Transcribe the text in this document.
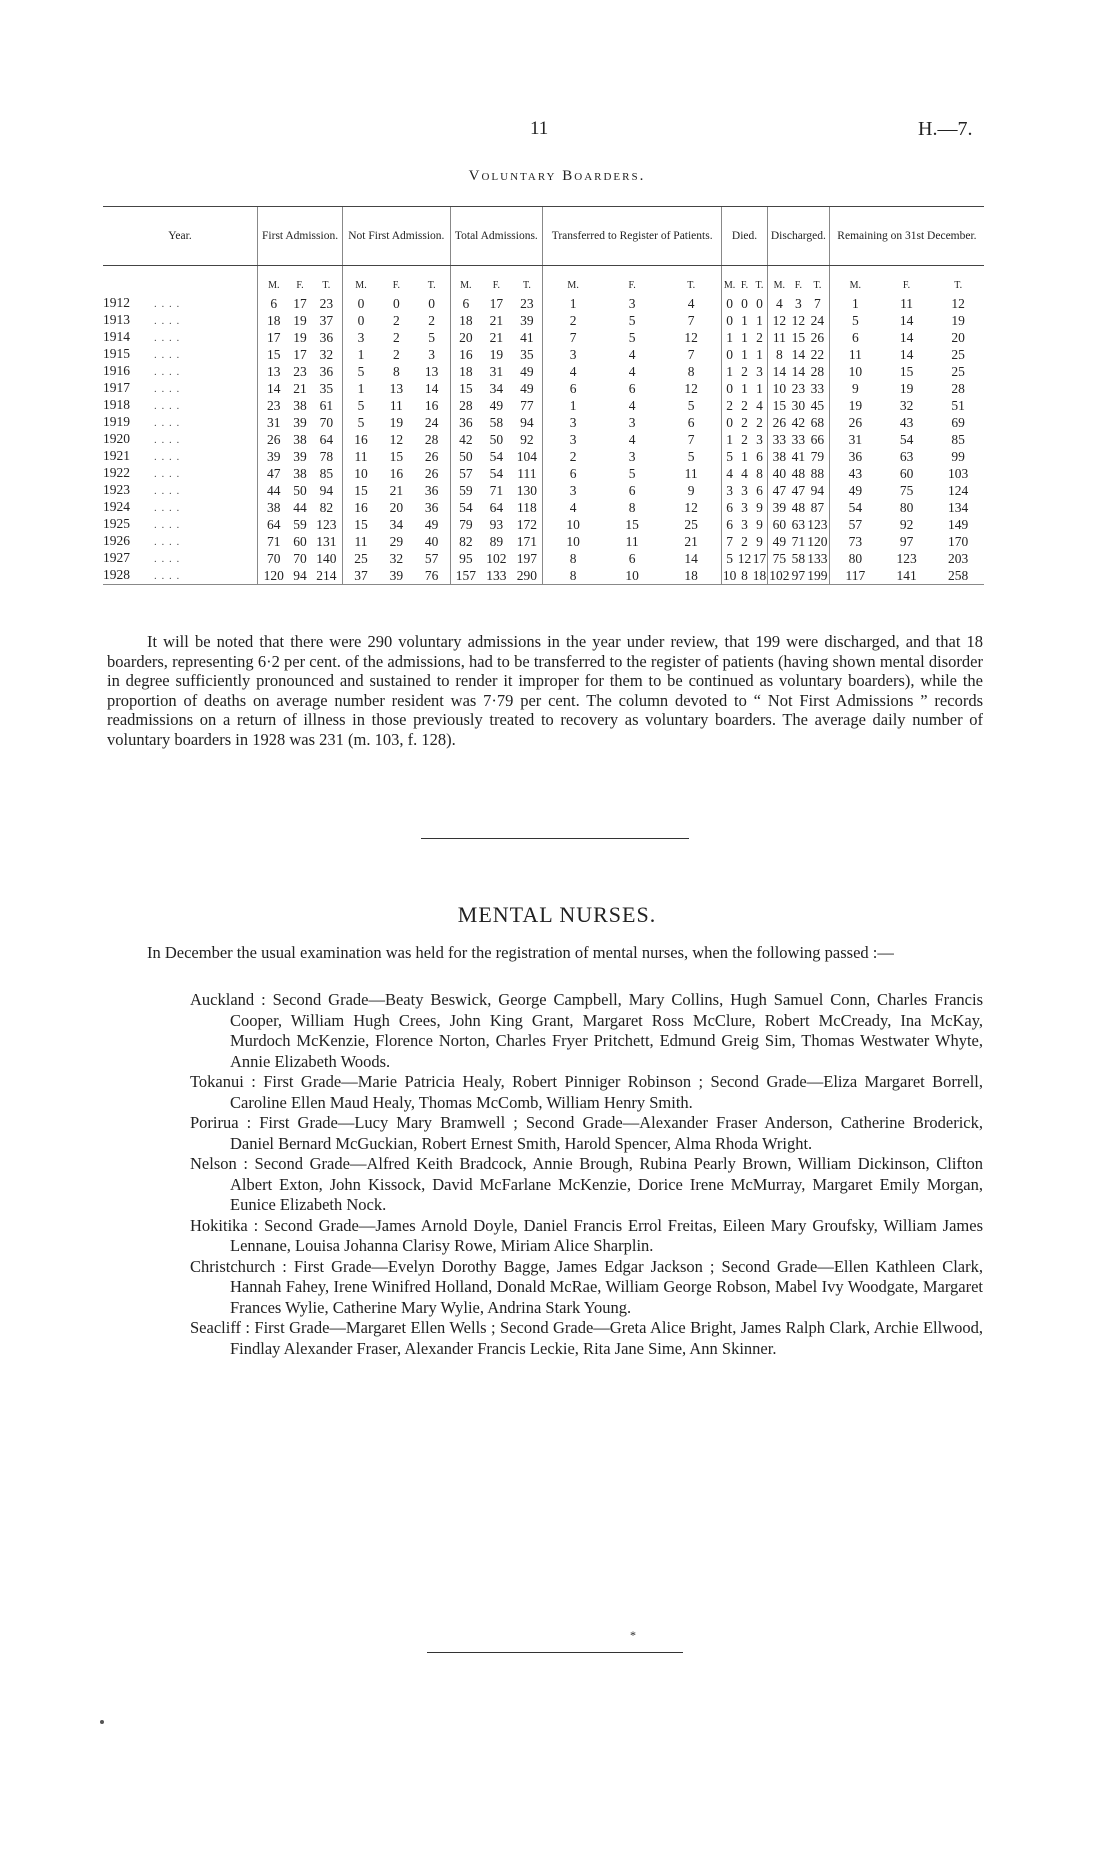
11	H.—7.
Voluntary Boarders.
Year.	First Admission.			Not First Admission.			Total Admissions.			Transferred to Register of Patients.			Died.			Discharged.			Remaining on 31st December.		
	M.	F.	T.	M.	F.	T.	M.	F.	T.	M.	F.	T.	M.	F.	T.	M.	F.	T.	M.	F.	T.
1912 . . . .	6	17	23	0	0	0	6	17	23	1	3	4	0	0	0	4	3	7	1	11	12
1913 . . . .	18	19	37	0	2	2	18	21	39	2	5	7	0	1	1	12	12	24	5	14	19
1914 . . . .	17	19	36	3	2	5	20	21	41	7	5	12	1	1	2	11	15	26	6	14	20
1915 . . . .	15	17	32	1	2	3	16	19	35	3	4	7	0	1	1	8	14	22	11	14	25
1916 . . . .	13	23	36	5	8	13	18	31	49	4	4	8	1	2	3	14	14	28	10	15	25
1917 . . . .	14	21	35	1	13	14	15	34	49	6	6	12	0	1	1	10	23	33	9	19	28
1918 . . . .	23	38	61	5	11	16	28	49	77	1	4	5	2	2	4	15	30	45	19	32	51
1919 . . . .	31	39	70	5	19	24	36	58	94	3	3	6	0	2	2	26	42	68	26	43	69
1920 . . . .	26	38	64	16	12	28	42	50	92	3	4	7	1	2	3	33	33	66	31	54	85
1921 . . . .	39	39	78	11	15	26	50	54	104	2	3	5	5	1	6	38	41	79	36	63	99
1922 . . . .	47	38	85	10	16	26	57	54	111	6	5	11	4	4	8	40	48	88	43	60	103
1923 . . . .	44	50	94	15	21	36	59	71	130	3	6	9	3	3	6	47	47	94	49	75	124
1924 . . . .	38	44	82	16	20	36	54	64	118	4	8	12	6	3	9	39	48	87	54	80	134
1925 . . . .	64	59	123	15	34	49	79	93	172	10	15	25	6	3	9	60	63	123	57	92	149
1926 . . . .	71	60	131	11	29	40	82	89	171	10	11	21	7	2	9	49	71	120	73	97	170
1927 . . . .	70	70	140	25	32	57	95	102	197	8	6	14	5	12	17	75	58	133	80	123	203
1928 . . . .	120	94	214	37	39	76	157	133	290	8	10	18	10	8	18	102	97	199	117	141	258
It will be noted that there were 290 voluntary admissions in the year under review, that 199 were discharged, and that 18 boarders, representing 6·2 per cent. of the admissions, had to be transferred to the register of patients (having shown mental disorder in degree sufficiently pronounced and sustained to render it improper for them to be continued as voluntary boarders), while the proportion of deaths on average number resident was 7·79 per cent. The column devoted to “ Not First Admissions ” records readmissions on a return of illness in those previously treated to recovery as voluntary boarders. The average daily number of voluntary boarders in 1928 was 231 (m. 103, f. 128).
MENTAL NURSES.
In December the usual examination was held for the registration of mental nurses, when the following passed :—
Auckland : Second Grade—Beaty Beswick, George Campbell, Mary Collins, Hugh Samuel Conn, Charles Francis Cooper, William Hugh Crees, John King Grant, Margaret Ross McClure, Robert McCready, Ina McKay, Murdoch McKenzie, Florence Norton, Charles Fryer Pritchett, Edmund Greig Sim, Thomas Westwater Whyte, Annie Elizabeth Woods.
Tokanui : First Grade—Marie Patricia Healy, Robert Pinniger Robinson ; Second Grade—Eliza Margaret Borrell, Caroline Ellen Maud Healy, Thomas McComb, William Henry Smith.
Porirua : First Grade—Lucy Mary Bramwell ; Second Grade—Alexander Fraser Anderson, Catherine Broderick, Daniel Bernard McGuckian, Robert Ernest Smith, Harold Spencer, Alma Rhoda Wright.
Nelson : Second Grade—Alfred Keith Bradcock, Annie Brough, Rubina Pearly Brown, William Dickinson, Clifton Albert Exton, John Kissock, David McFarlane McKenzie, Dorice Irene McMurray, Margaret Emily Morgan, Eunice Elizabeth Nock.
Hokitika : Second Grade—James Arnold Doyle, Daniel Francis Errol Freitas, Eileen Mary Groufsky, William James Lennane, Louisa Johanna Clarisy Rowe, Miriam Alice Sharplin.
Christchurch : First Grade—Evelyn Dorothy Bagge, James Edgar Jackson ; Second Grade—Ellen Kathleen Clark, Hannah Fahey, Irene Winifred Holland, Donald McRae, William George Robson, Mabel Ivy Woodgate, Margaret Frances Wylie, Catherine Mary Wylie, Andrina Stark Young.
Seacliff : First Grade—Margaret Ellen Wells ; Second Grade—Greta Alice Bright, James Ralph Clark, Archie Ellwood, Findlay Alexander Fraser, Alexander Francis Leckie, Rita Jane Sime, Ann Skinner.
*
